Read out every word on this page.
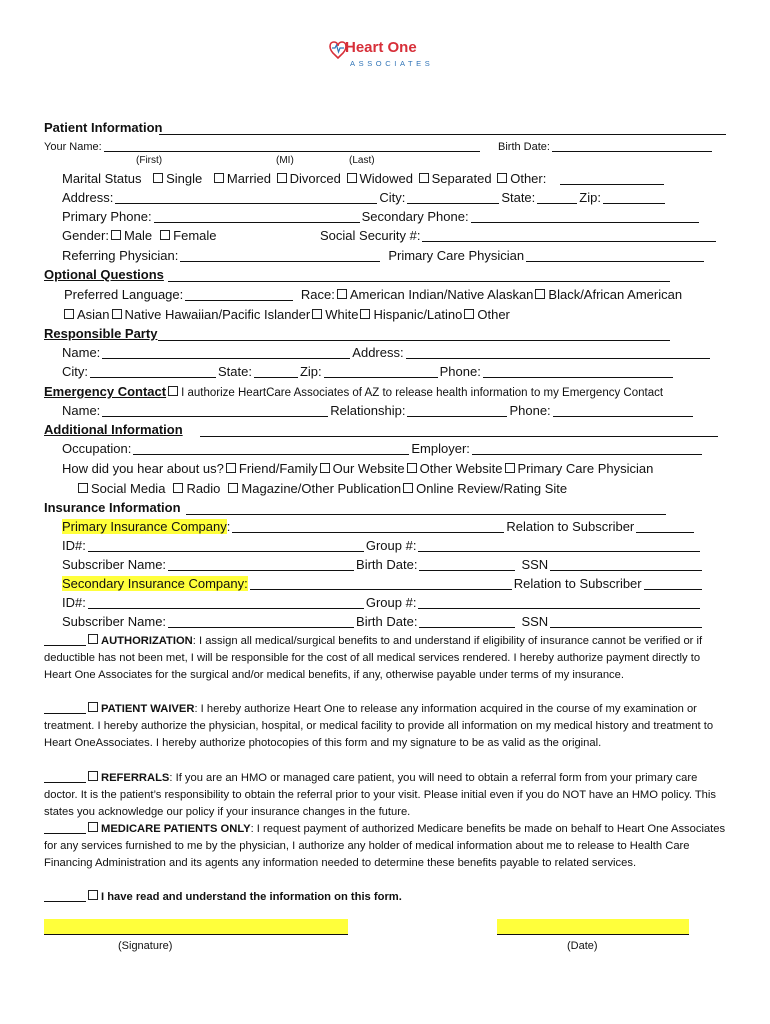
Heart One
ASSOCIATES
Patient Information
Your Name:	Birth Date:
(First)	(MI)	(Last)
Marital Status Single Married Divorced Widowed Separated Other:
Address:	City:	State:	Zip:
Primary Phone:	Secondary Phone:
Gender: Male Female	Social Security #:
Referring Physician:	Primary Care Physician
Optional Questions
Preferred Language:	Race: American Indian/Native Alaskan Black/African American
Asian Native Hawaiian/Pacific Islander White Hispanic/Latino Other
Responsible Party
Name:	Address:
City:	State:	Zip:	Phone:
Emergency Contact I authorize HeartCare Associates of AZ to release health information to my Emergency Contact
Name:	Relationship:	Phone:
Additional Information
Occupation:	Employer:
How did you hear about us? Friend/Family Our Website Other Website Primary Care Physician
Social Media Radio Magazine/Other Publication Online Review/Rating Site
Insurance Information
Primary Insurance Company:	Relation to Subscriber
ID#:	Group #:
Subscriber Name:	Birth Date:	SSN
Secondary Insurance Company:	Relation to Subscriber
ID#:	Group #:
Subscriber Name:	Birth Date:	SSN
AUTHORIZATION: I assign all medical/surgical benefits to and understand if eligibility of insurance cannot be verified or if deductible has not been met, I will be responsible for the cost of all medical services rendered. I hereby authorize payment directly to Heart One Associates for the surgical and/or medical benefits, if any, otherwise payable under terms of my insurance.
PATIENT WAIVER: I hereby authorize Heart One to release any information acquired in the course of my examination or treatment. I hereby authorize the physician, hospital, or medical facility to provide all information on my medical history and treatment to Heart OneAssociates. I hereby authorize photocopies of this form and my signature to be as valid as the original.
REFERRALS: If you are an HMO or managed care patient, you will need to obtain a referral form from your primary care doctor. It is the patient’s responsibility to obtain the referral prior to your visit. Please initial even if you do NOT have an HMO policy. This states you acknowledge our policy if your insurance changes in the future.
MEDICARE PATIENTS ONLY: I request payment of authorized Medicare benefits be made on behalf to Heart One Associates for any services furnished to me by the physician, I authorize any holder of medical information about me to release to Health Care Financing Administration and its agents any information needed to determine these benefits payable to related services.
I have read and understand the information on this form.
(Signature)	(Date)
